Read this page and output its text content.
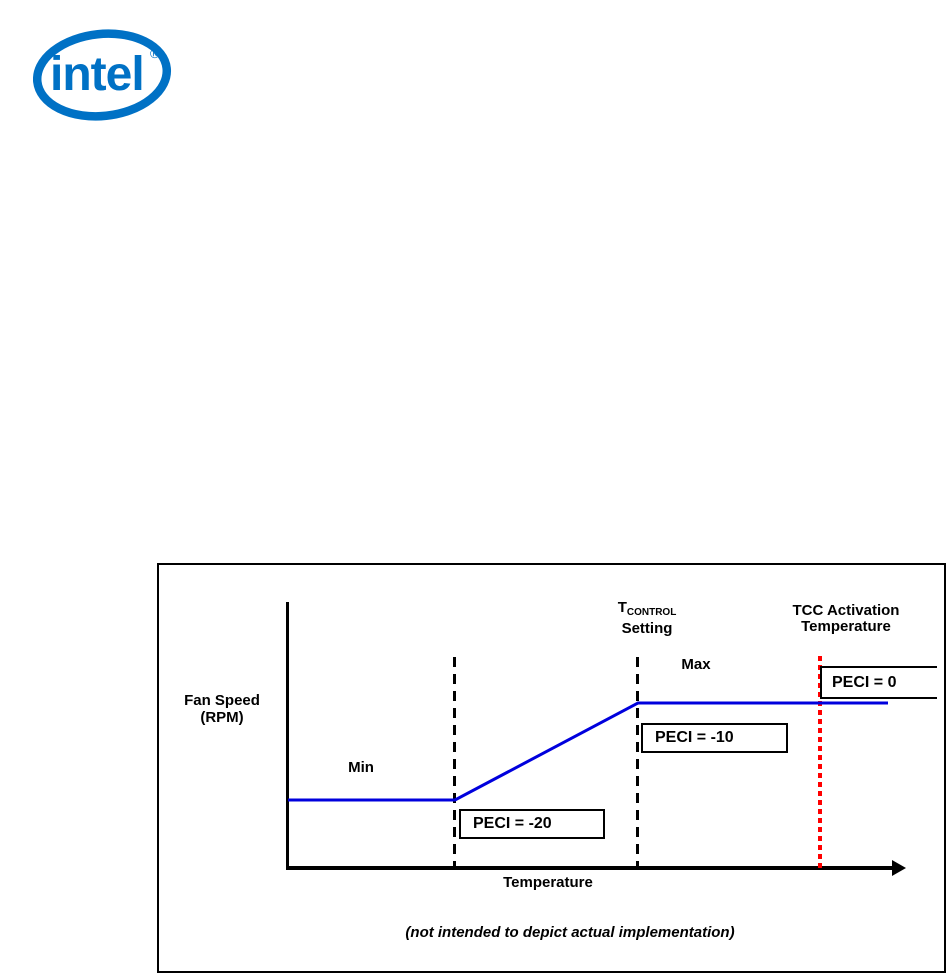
intel ®
Fan Speed
(RPM)
Temperature
Min
Max
$T_{CONTROL}$
Setting
TCC Activation
Temperature
PECI = -20
PECI = -10
PECI = 0
(not intended to depict actual implementation)
